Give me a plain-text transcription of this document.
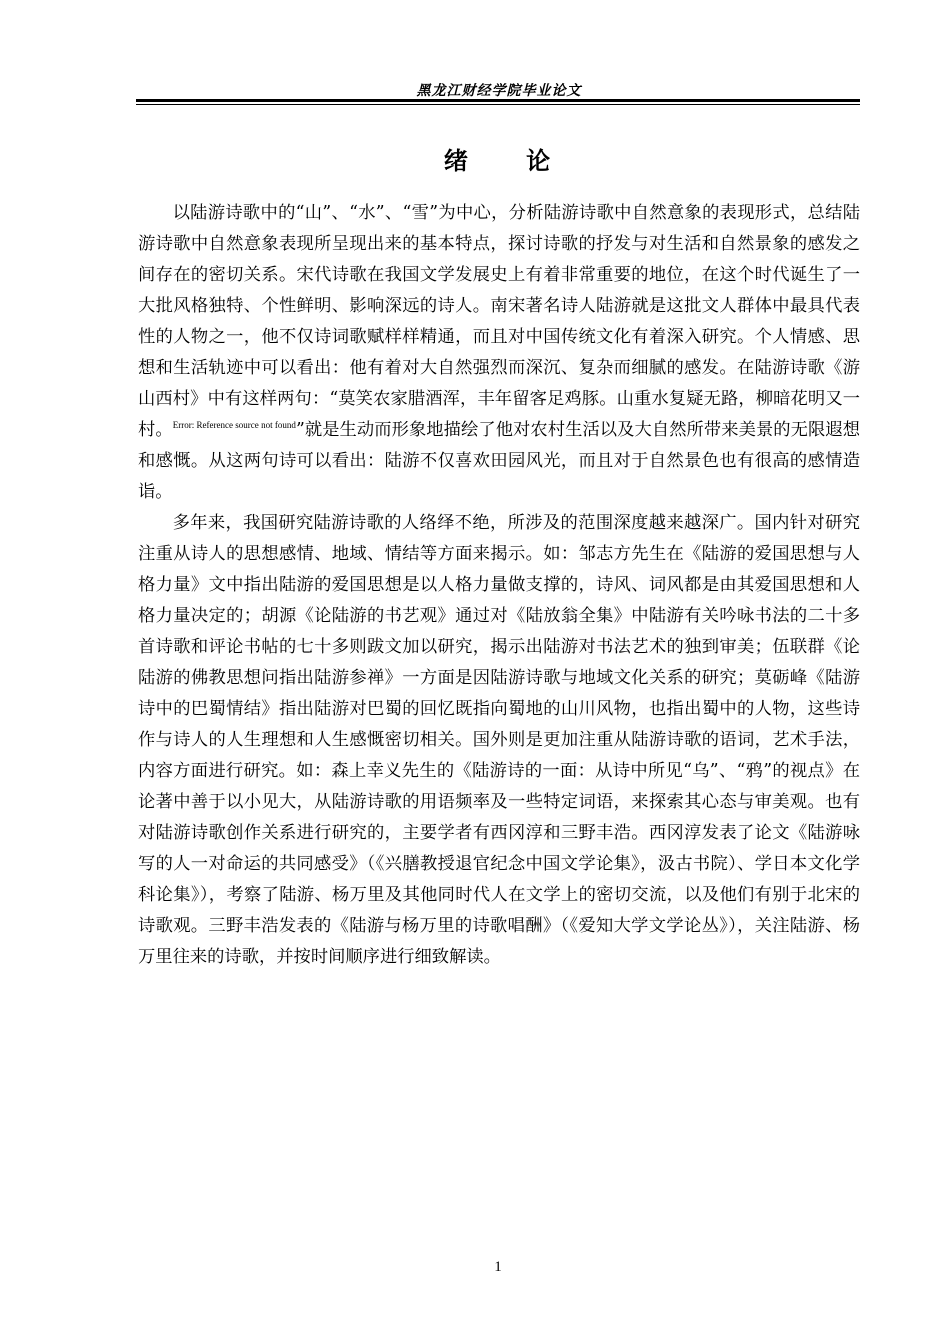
黑龙江财经学院毕业论文
绪 论

以陆游诗歌中的“山”、“水”、“雪”为中心，分析陆游诗歌中自然意象的表现形式，总结陆游诗歌中自然意象表现所呈现出来的基本特点，探讨诗歌的抒发与对生活和自然景象的感发之间存在的密切关系。宋代诗歌在我国文学发展史上有着非常重要的地位，在这个时代诞生了一大批风格独特、个性鲜明、影响深远的诗人。南宋著名诗人陆游就是这批文人群体中最具代表性的人物之一，他不仅诗词歌赋样样精通，而且对中国传统文化有着深入研究。个人情感、思想和生活轨迹中可以看出：他有着对大自然强烈而深沉、复杂而细腻的感发。在陆游诗歌《游山西村》中有这样两句：“莫笑农家腊酒浑，丰年留客足鸡豚。山重水复疑无路，柳暗花明又一村。$^{Error: Reference source not found}$”就是生动而形象地描绘了他对农村生活以及大自然所带来美景的无限遐想和感慨。从这两句诗可以看出：陆游不仅喜欢田园风光，而且对于自然景色也有很高的感情造诣。

多年来，我国研究陆游诗歌的人络绎不绝，所涉及的范围深度越来越深广。国内针对研究注重从诗人的思想感情、地域、情结等方面来揭示。如：邹志方先生在《陆游的爱国思想与人格力量》文中指出陆游的爱国思想是以人格力量做支撑的，诗风、词风都是由其爱国思想和人格力量决定的；胡源《论陆游的书艺观》通过对《陆放翁全集》中陆游有关吟咏书法的二十多首诗歌和评论书帖的七十多则跋文加以研究，揭示出陆游对书法艺术的独到审美；伍联群《论陆游的佛教思想问指出陆游参禅》一方面是因陆游诗歌与地域文化关系的研究；莫砺峰《陆游诗中的巴蜀情结》指出陆游对巴蜀的回忆既指向蜀地的山川风物，也指出蜀中的人物，这些诗作与诗人的人生理想和人生感慨密切相关。国外则是更加注重从陆游诗歌的语词，艺术手法，内容方面进行研究。如：森上幸义先生的《陆游诗的一面：从诗中所见“乌”、“鸦”的视点》在论著中善于以小见大，从陆游诗歌的用语频率及一些特定词语，来探索其心态与审美观。也有对陆游诗歌创作关系进行研究的，主要学者有西冈淳和三野丰浩。西冈淳发表了论文《陆游咏写的人一对命运的共同感受》（《兴膳教授退官纪念中国文学论集》，汲古书院）、学日本文化学科论集》），考察了陆游、杨万里及其他同时代人在文学上的密切交流，以及他们有别于北宋的诗歌观。三野丰浩发表的《陆游与杨万里的诗歌唱酬》（《爱知大学文学论丛》），关注陆游、杨万里往来的诗歌，并按时间顺序进行细致解读。

1
